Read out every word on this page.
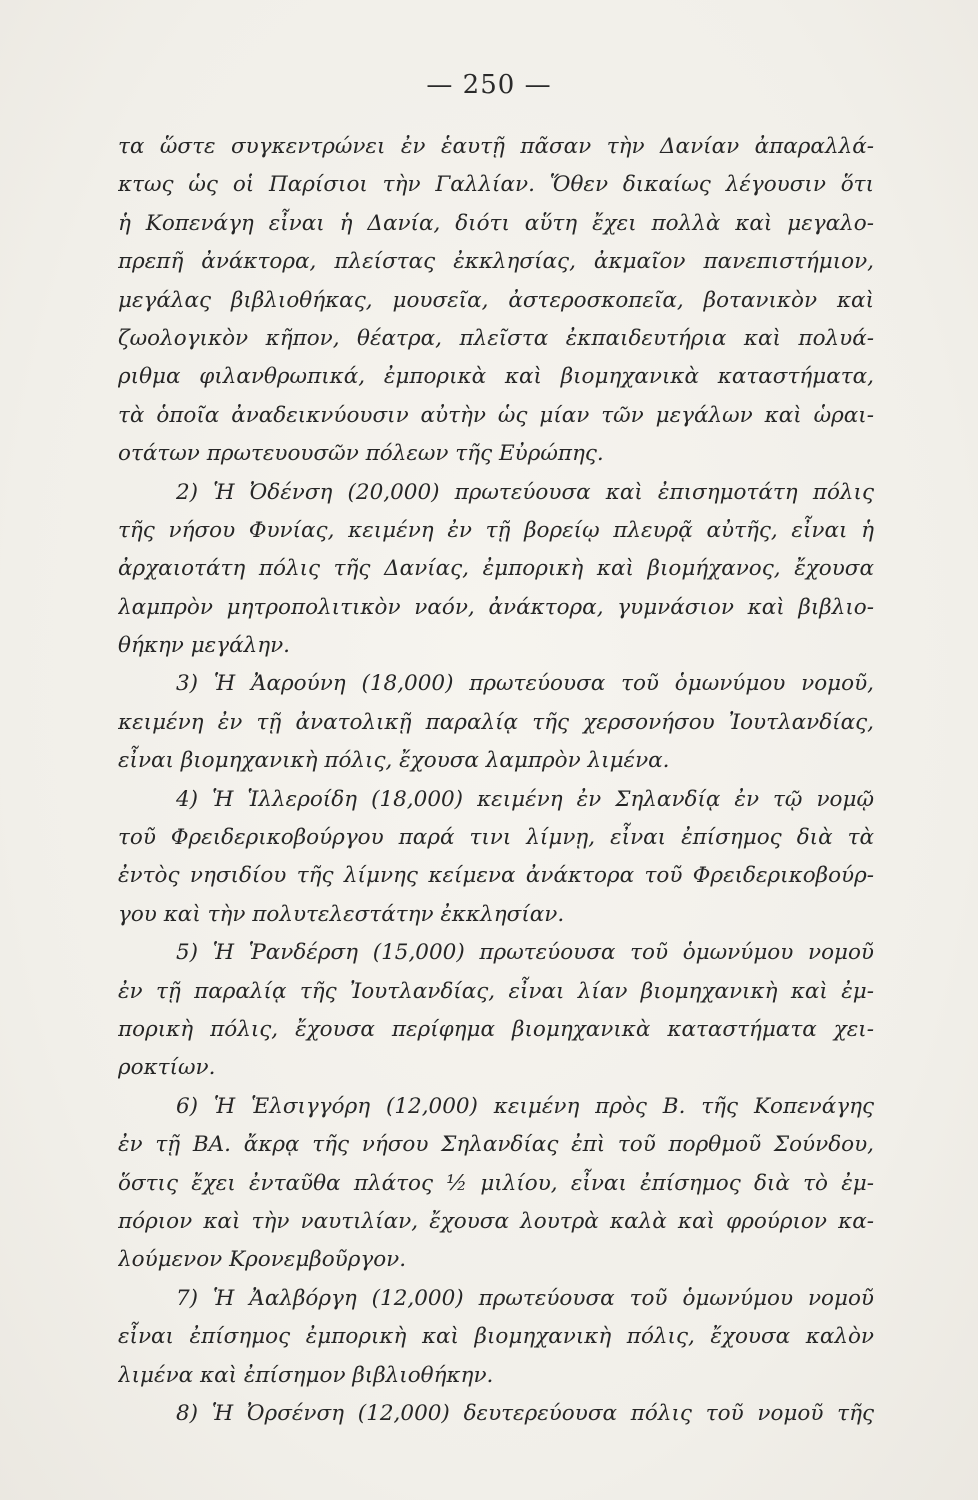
— 250 —
τα ὥστε συγκεντρώνει ἐν ἑαυτῇ πᾶσαν τὴν Δανίαν ἀπαραλλά-
κτως ὡς οἱ Παρίσιοι τὴν Γαλλίαν. Ὅθεν δικαίως λέγουσιν ὅτι
ἡ Κοπενάγη εἶναι ἡ Δανία, διότι αὕτη ἔχει πολλὰ καὶ μεγαλο-
πρεπῆ ἀνάκτορα, πλείστας ἐκκλησίας, ἀκμαῖον πανεπιστήμιον,
μεγάλας βιβλιοθήκας, μουσεῖα, ἀστεροσκοπεῖα, βοτανικὸν καὶ
ζωολογικὸν κῆπον, θέατρα, πλεῖστα ἐκπαιδευτήρια καὶ πολυά-
ριθμα φιλανθρωπικά, ἐμπορικὰ καὶ βιομηχανικὰ καταστήματα,
τὰ ὁποῖα ἀναδεικνύουσιν αὐτὴν ὡς μίαν τῶν μεγάλων καὶ ὡραι-
οτάτων πρωτευουσῶν πόλεων τῆς Εὐρώπης.
2) Ἡ Ὀδένση (20,000) πρωτεύουσα καὶ ἐπισημοτάτη πόλις
τῆς νήσου Φυνίας, κειμένη ἐν τῇ βορείῳ πλευρᾷ αὐτῆς, εἶναι ἡ
ἀρχαιοτάτη πόλις τῆς Δανίας, ἐμπορικὴ καὶ βιομήχανος, ἔχουσα
λαμπρὸν μητροπολιτικὸν ναόν, ἀνάκτορα, γυμνάσιον καὶ βιβλιο-
θήκην μεγάλην.
3) Ἡ Ἀαρούνη (18,000) πρωτεύουσα τοῦ ὁμωνύμου νομοῦ,
κειμένη ἐν τῇ ἀνατολικῇ παραλίᾳ τῆς χερσονήσου Ἰουτλανδίας,
εἶναι βιομηχανικὴ πόλις, ἔχουσα λαμπρὸν λιμένα.
4) Ἡ Ἱλλεροίδη (18,000) κειμένη ἐν Σηλανδίᾳ ἐν τῷ νομῷ
τοῦ Φρειδερικοβούργου παρά τινι λίμνῃ, εἶναι ἐπίσημος διὰ τὰ
ἐντὸς νησιδίου τῆς λίμνης κείμενα ἀνάκτορα τοῦ Φρειδερικοβούρ-
γου καὶ τὴν πολυτελεστάτην ἐκκλησίαν.
5) Ἡ Ῥανδέρση (15,000) πρωτεύουσα τοῦ ὁμωνύμου νομοῦ
ἐν τῇ παραλίᾳ τῆς Ἰουτλανδίας, εἶναι λίαν βιομηχανικὴ καὶ ἐμ-
πορικὴ πόλις, ἔχουσα περίφημα βιομηχανικὰ καταστήματα χει-
ροκτίων.
6) Ἡ Ἑλσιγγόρη (12,000) κειμένη πρὸς Β. τῆς Κοπενάγης
ἐν τῇ ΒΑ. ἄκρᾳ τῆς νήσου Σηλανδίας ἐπὶ τοῦ πορθμοῦ Σούνδου,
ὅστις ἔχει ἐνταῦθα πλάτος ½ μιλίου, εἶναι ἐπίσημος διὰ τὸ ἐμ-
πόριον καὶ τὴν ναυτιλίαν, ἔχουσα λουτρὰ καλὰ καὶ φρούριον κα-
λούμενον Κρονεμβοῦργον.
7) Ἡ Ἀαλβόργη (12,000) πρωτεύουσα τοῦ ὁμωνύμου νομοῦ
εἶναι ἐπίσημος ἐμπορικὴ καὶ βιομηχανικὴ πόλις, ἔχουσα καλὸν
λιμένα καὶ ἐπίσημον βιβλιοθήκην.
8) Ἡ Ὀρσένση (12,000) δευτερεύουσα πόλις τοῦ νομοῦ τῆς
